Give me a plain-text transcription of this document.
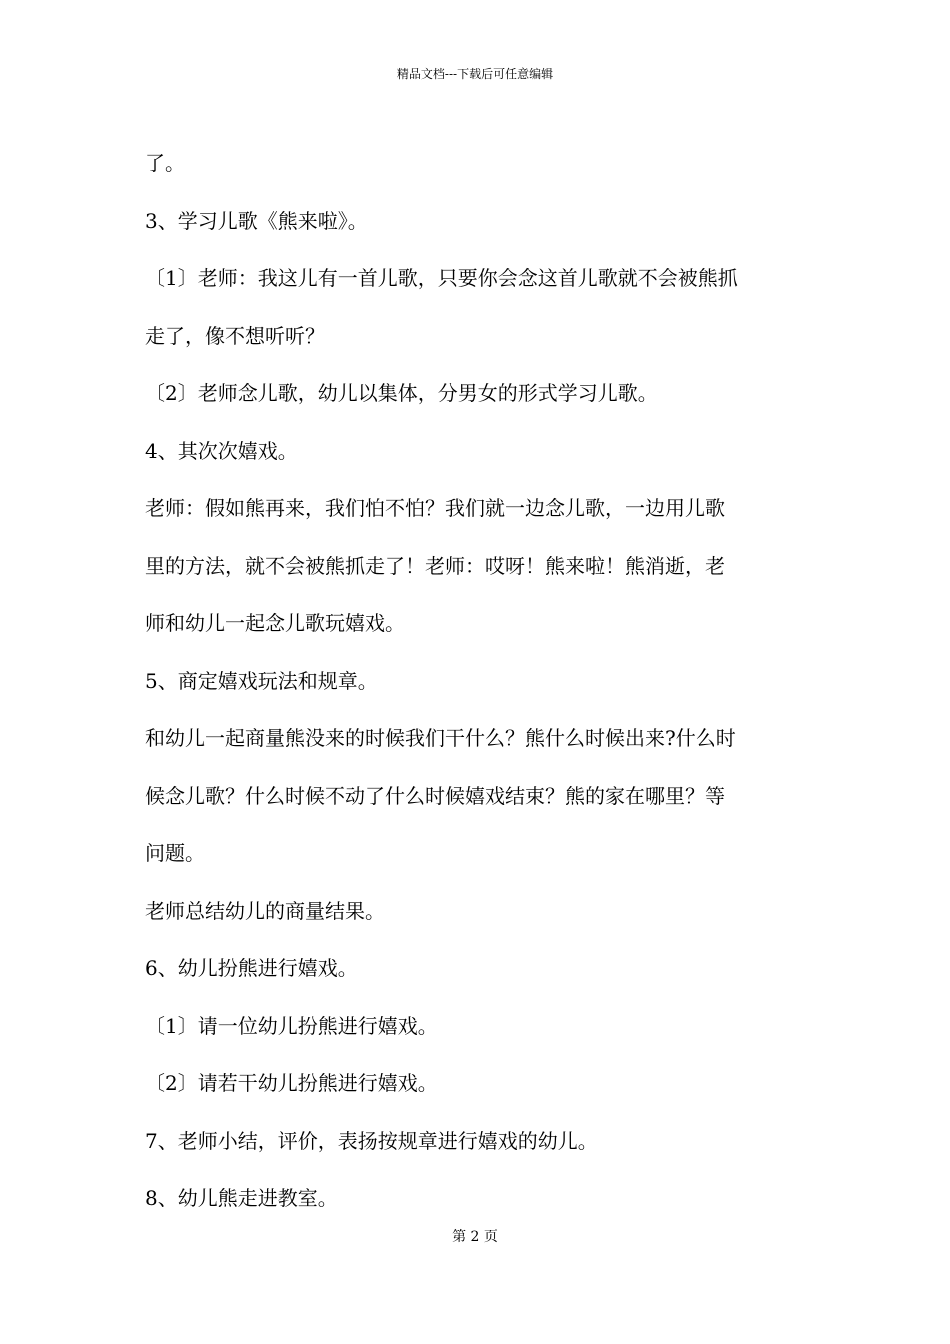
精品文档---下载后可任意编辑

了。

3、学习儿歌《熊来啦》。

〔1〕老师：我这儿有一首儿歌，只要你会念这首儿歌就不会被熊抓

走了，像不想听听？

〔2〕老师念儿歌，幼儿以集体，分男女的形式学习儿歌。

4、其次次嬉戏。

老师：假如熊再来，我们怕不怕？我们就一边念儿歌，一边用儿歌

里的方法，就不会被熊抓走了！老师：哎呀！熊来啦！熊消逝，老

师和幼儿一起念儿歌玩嬉戏。

5、商定嬉戏玩法和规章。

和幼儿一起商量熊没来的时候我们干什么？熊什么时候出来?什么时

候念儿歌？什么时候不动了什么时候嬉戏结束？熊的家在哪里？等

问题。

老师总结幼儿的商量结果。

6、幼儿扮熊进行嬉戏。

〔1〕请一位幼儿扮熊进行嬉戏。

〔2〕请若干幼儿扮熊进行嬉戏。

7、老师小结，评价，表扬按规章进行嬉戏的幼儿。

8、幼儿熊走进教室。

第 2 页
